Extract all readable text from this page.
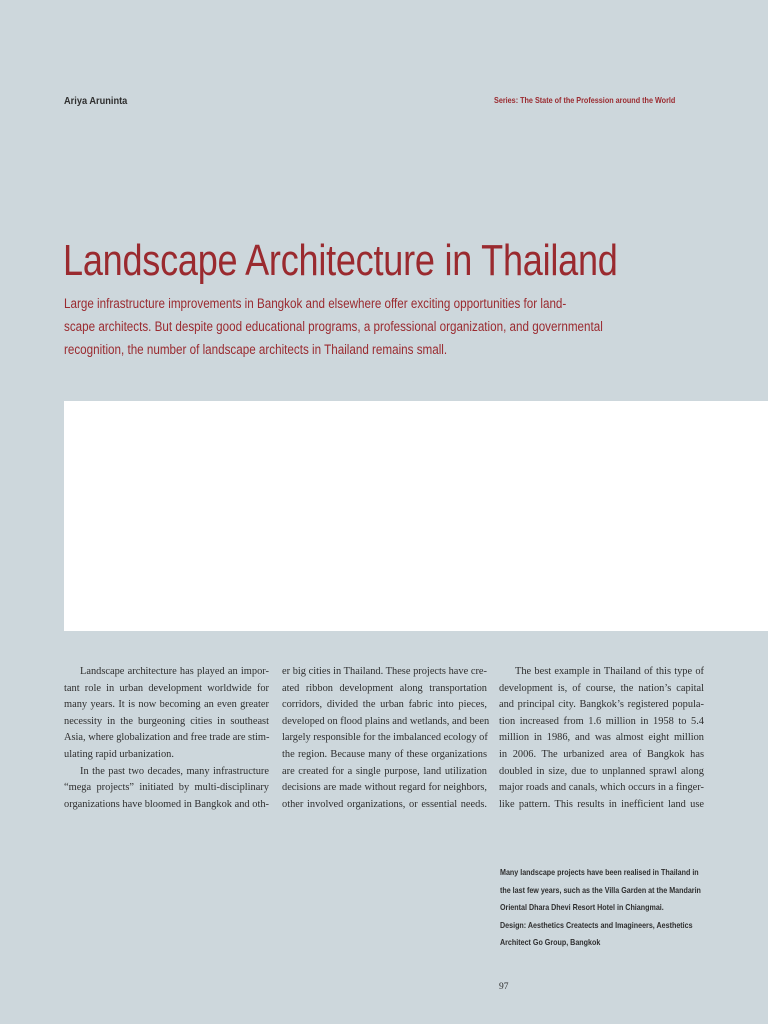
Ariya Aruninta	Series: The State of the Profession around the World
Landscape Architecture in Thailand
Large infrastructure improvements in Bangkok and elsewhere offer exciting opportunities for land-
scape architects. But despite good educational programs, a professional organization, and governmental
recognition, the number of landscape architects in Thailand remains small.
Landscape architecture has played an impor-
tant role in urban development worldwide for
many years. It is now becoming an even greater
necessity in the burgeoning cities in southeast
Asia, where globalization and free trade are stim-
ulating rapid urbanization.
In the past two decades, many infrastructure
“mega projects” initiated by multi-disciplinary
organizations have bloomed in Bangkok and oth-
er big cities in Thailand. These projects have cre-
ated ribbon development along transportation
corridors, divided the urban fabric into pieces,
developed on flood plains and wetlands, and been
largely responsible for the imbalanced ecology of
the region. Because many of these organizations
are created for a single purpose, land utilization
decisions are made without regard for neighbors,
other involved organizations, or essential needs.
The best example in Thailand of this type of
development is, of course, the nation’s capital
and principal city. Bangkok’s registered popula-
tion increased from 1.6 million in 1958 to 5.4
million in 1986, and was almost eight million
in 2006. The urbanized area of Bangkok has
doubled in size, due to unplanned sprawl along
major roads and canals, which occurs in a finger-
like pattern. This results in inefficient land use
Many landscape projects have been realised in Thailand in
the last few years, such as the Villa Garden at the Mandarin
Oriental Dhara Dhevi Resort Hotel in Chiangmai.
Design: Aesthetics Creatects and Imagineers, Aesthetics
Architect Go Group, Bangkok
97
